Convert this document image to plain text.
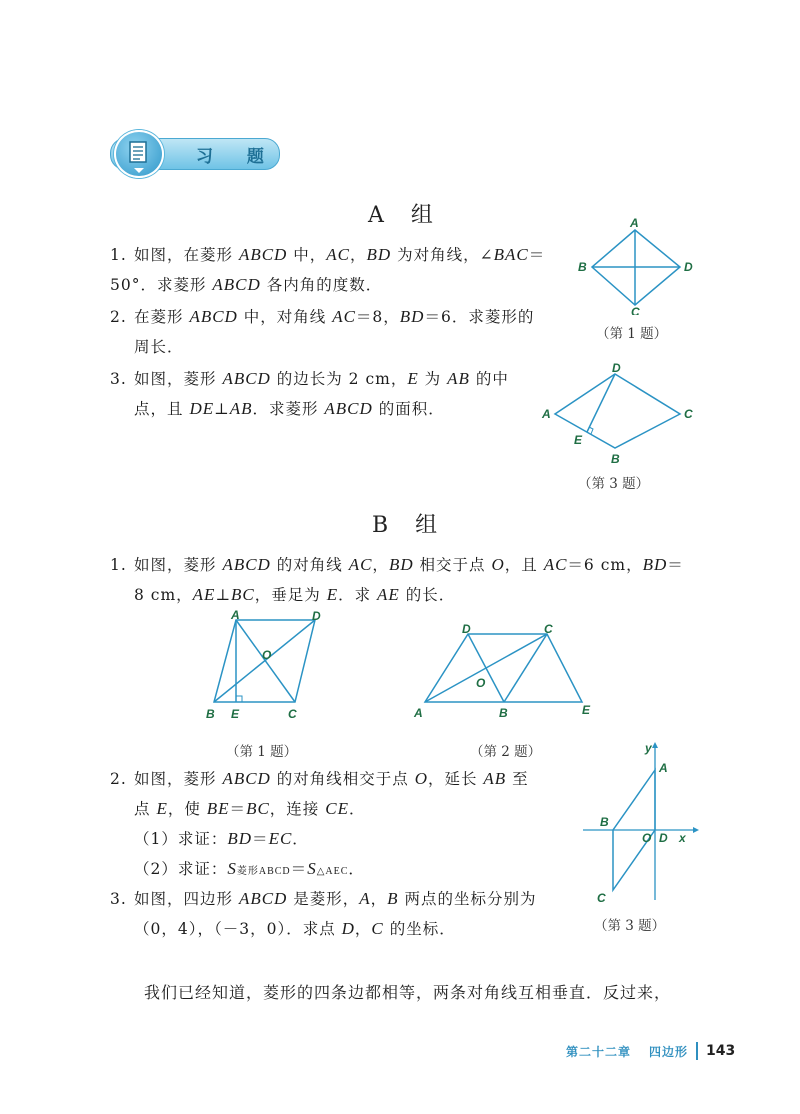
习 题
A 组
1. 如图，在菱形 ABCD 中，AC，BD 为对角线，∠BAC＝
50°．求菱形 ABCD 各内角的度数．
2. 在菱形 ABCD 中，对角线 AC＝8，BD＝6．求菱形的
周长．
3. 如图，菱形 ABCD 的边长为 2 cm，E 为 AB 的中
点，且 DE⊥AB．求菱形 ABCD 的面积．
A
B
C
D
（第 1 题）
D
A	C
E
B
（第 3 题）
B 组
1. 如图，菱形 ABCD 的对角线 AC，BD 相交于点 O，且 AC＝6 cm，BD＝
8 cm，AE⊥BC，垂足为 E．求 AE 的长．
A	D
O
B E	C
（第 1 题）
D	C
O
A	B	E
（第 2 题）
2. 如图，菱形 ABCD 的对角线相交于点 O，延长 AB 至
点 E，使 BE＝BC，连接 CE．
（1）求证：BD＝EC．
（2）求证：S菱形ABCD＝S△AEC．
3. 如图，四边形 ABCD 是菱形，A，B 两点的坐标分别为
（0，4），（－3，0）．求点 D，C 的坐标．
y
A
B
O D x
C
（第 3 题）
我们已经知道，菱形的四条边都相等，两条对角线互相垂直．反过来，
第二十二章 四边形 143
